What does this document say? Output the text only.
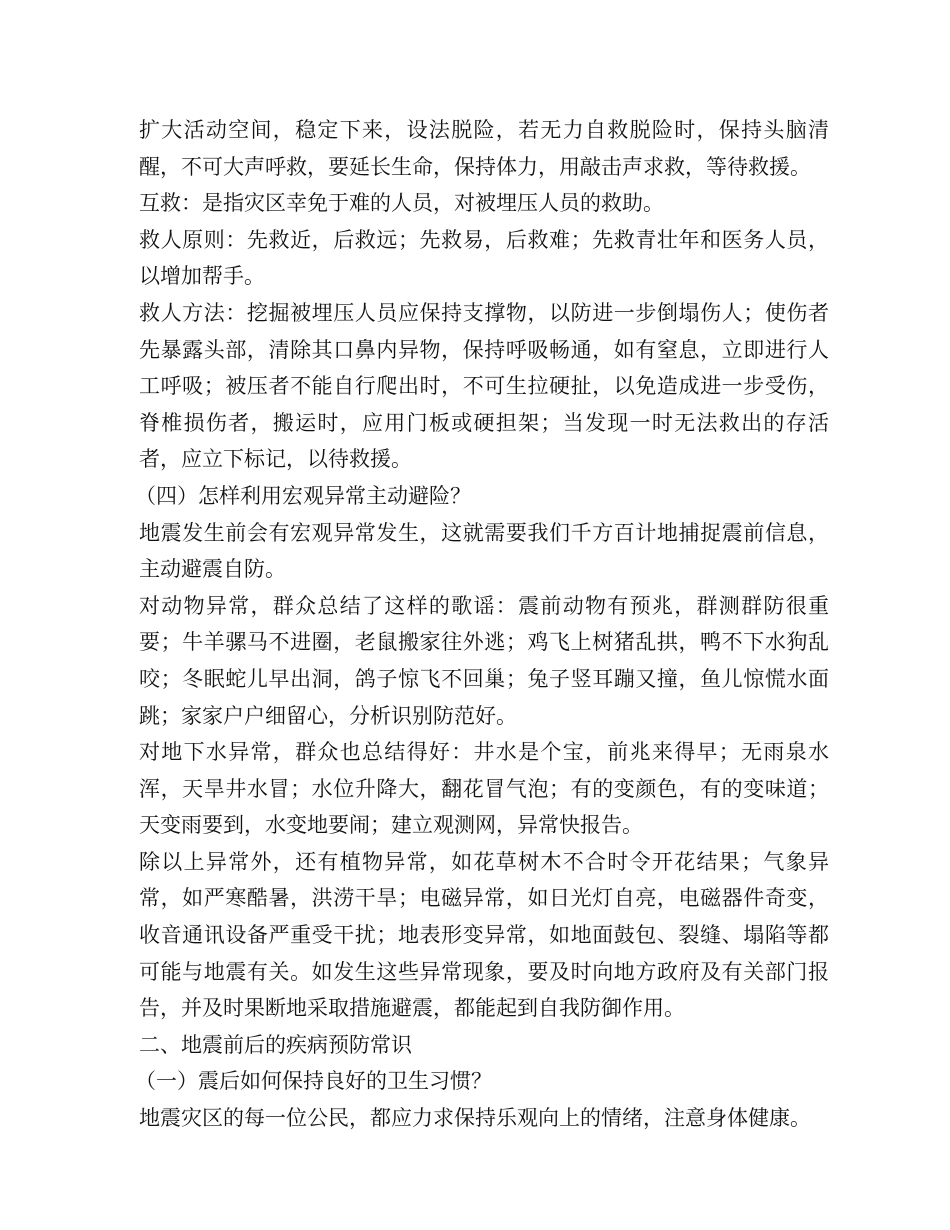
扩大活动空间，稳定下来，设法脱险，若无力自救脱险时，保持头脑清醒，不可大声呼救，要延长生命，保持体力，用敲击声求救，等待救援。

互救：是指灾区幸免于难的人员，对被埋压人员的救助。

救人原则：先救近，后救远；先救易，后救难；先救青壮年和医务人员，以增加帮手。

救人方法：挖掘被埋压人员应保持支撑物，以防进一步倒塌伤人；使伤者先暴露头部，清除其口鼻内异物，保持呼吸畅通，如有窒息，立即进行人工呼吸；被压者不能自行爬出时，不可生拉硬扯，以免造成进一步受伤，脊椎损伤者，搬运时，应用门板或硬担架；当发现一时无法救出的存活者，应立下标记，以待救援。

（四）怎样利用宏观异常主动避险？

地震发生前会有宏观异常发生，这就需要我们千方百计地捕捉震前信息，主动避震自防。

对动物异常，群众总结了这样的歌谣：震前动物有预兆，群测群防很重要；牛羊骡马不进圈，老鼠搬家往外逃；鸡飞上树猪乱拱，鸭不下水狗乱咬；冬眠蛇儿早出洞，鸽子惊飞不回巢；兔子竖耳蹦又撞，鱼儿惊慌水面跳；家家户户细留心，分析识别防范好。

对地下水异常，群众也总结得好：井水是个宝，前兆来得早；无雨泉水浑，天旱井水冒；水位升降大，翻花冒气泡；有的变颜色，有的变味道；天变雨要到，水变地要闹；建立观测网，异常快报告。

除以上异常外，还有植物异常，如花草树木不合时令开花结果；气象异常，如严寒酷暑，洪涝干旱；电磁异常，如日光灯自亮，电磁器件奇变，收音通讯设备严重受干扰；地表形变异常，如地面鼓包、裂缝、塌陷等都可能与地震有关。如发生这些异常现象，要及时向地方政府及有关部门报告，并及时果断地采取措施避震，都能起到自我防御作用。

二、地震前后的疾病预防常识

（一）震后如何保持良好的卫生习惯？

地震灾区的每一位公民，都应力求保持乐观向上的情绪，注意身体健康。
